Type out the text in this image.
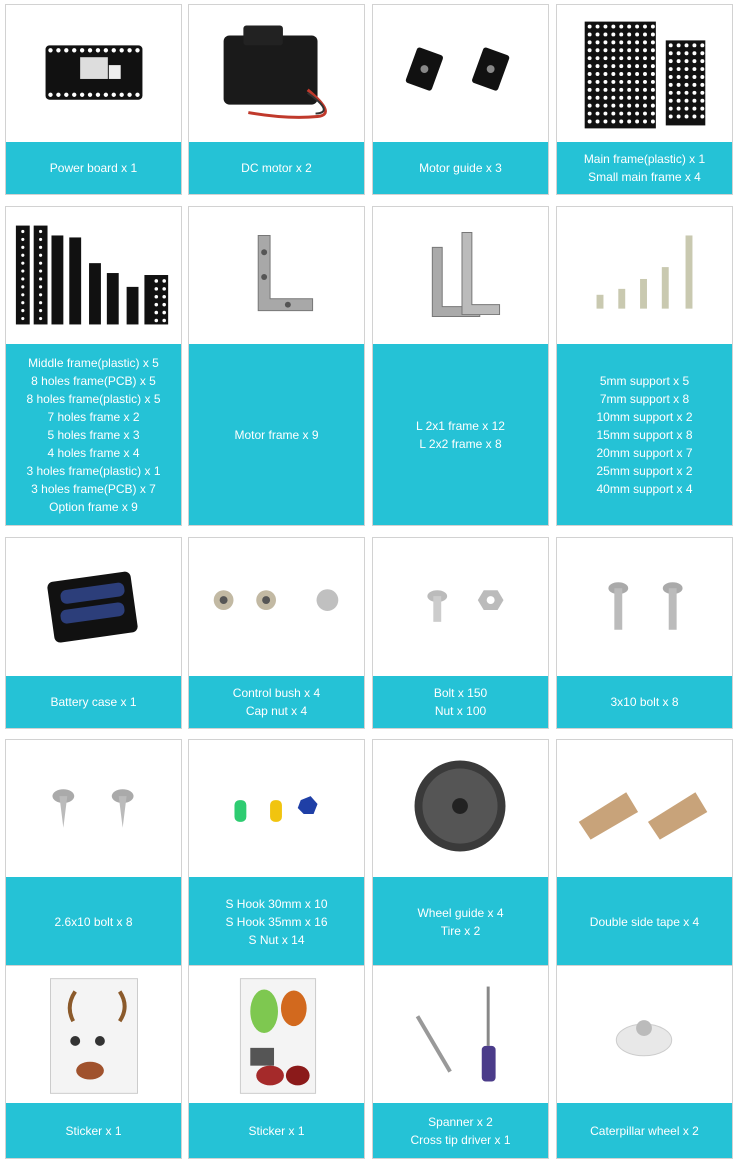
Power board x 1	DC motor x 2	Motor guide x 3
Main frame(plastic) x 1
Small main frame x 4
Middle frame(plastic) x 5
8 holes frame(PCB) x 5
8 holes frame(plastic) x 5
7 holes frame x 2
5 holes frame x 3
4 holes frame x 4
3 holes frame(plastic) x 1
3 holes frame(PCB) x 7
Option frame x 9
Motor frame x 9
L 2x1 frame x 12
L 2x2 frame x 8
5mm support x 5
7mm support x 8
10mm support x 2
15mm support x 8
20mm support x 7
25mm support x 2
40mm support x 4
Battery case x 1
Control bush x 4
Cap nut x 4
Bolt x 150
Nut x 100
3x10 bolt x 8
2.6x10 bolt x 8
S Hook 30mm x 10
S Hook 35mm x 16
S Nut x 14
Wheel guide x 4
Tire x 2
Double side tape x 4
Sticker x 1	Sticker x 1
Spanner x 2
Cross tip driver x 1
Caterpillar wheel x 2
